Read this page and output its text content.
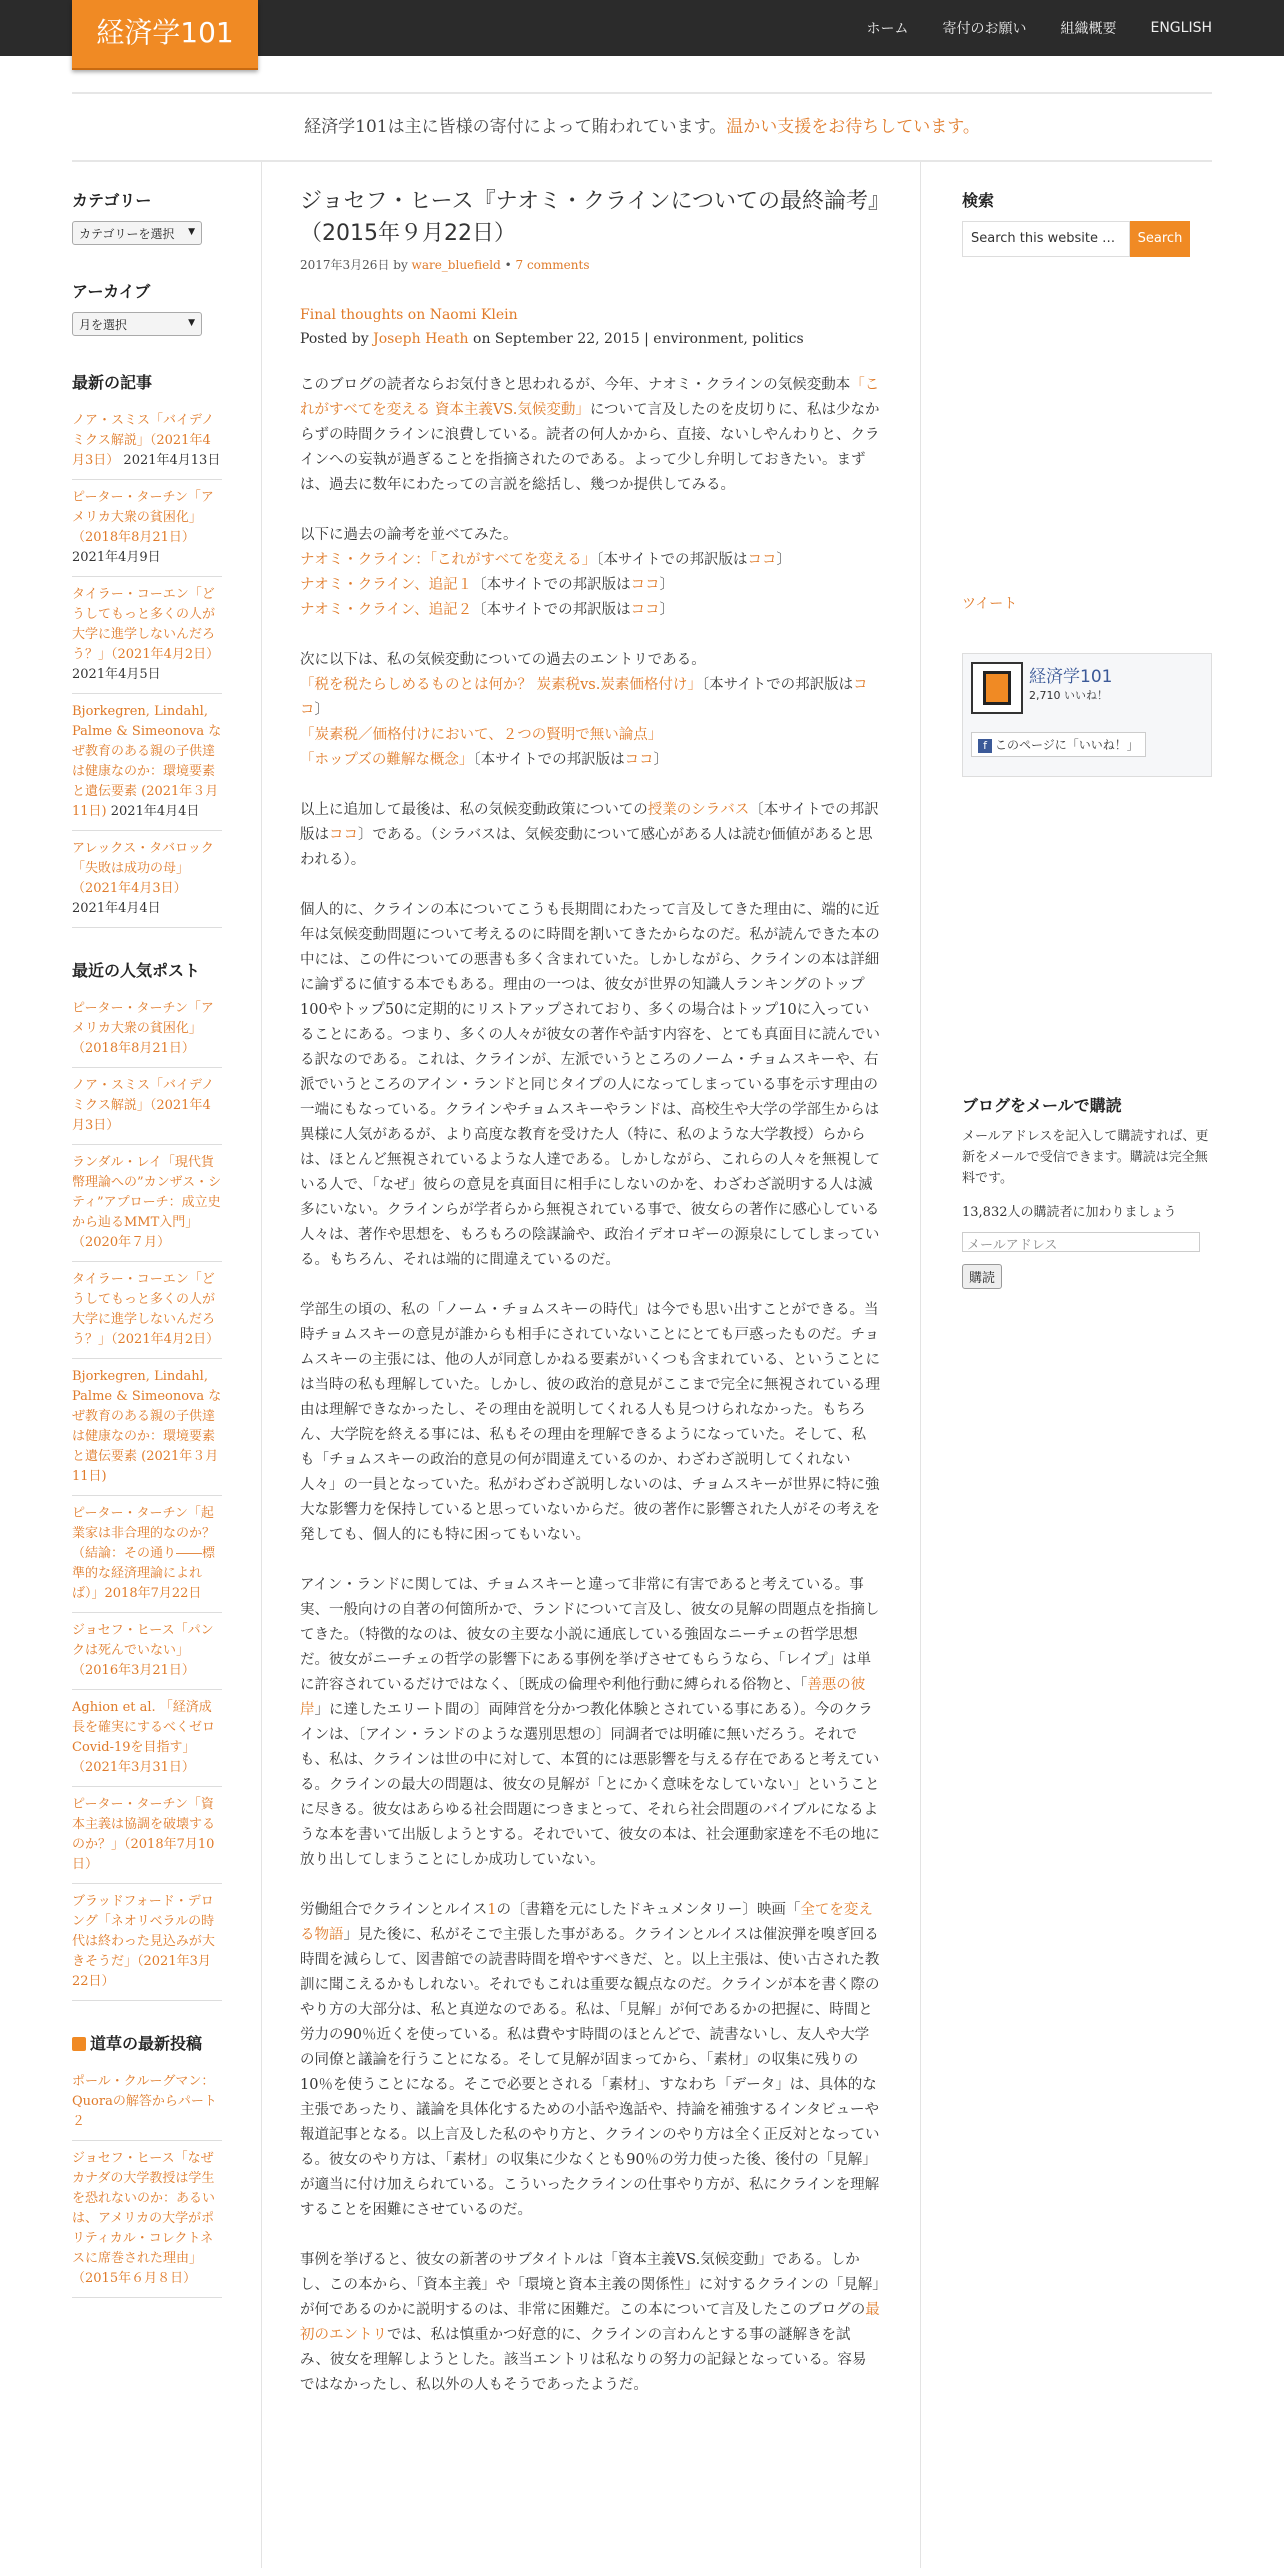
経済学101	ホーム 寄付のお願い 組織概要 ENGLISH
経済学101は主に皆様の寄付によって賄われています。温かい支援をお待ちしています。
カテゴリー
カテゴリーを選択 ▼
アーカイブ
月を選択	▼
最新の記事
ノア・スミス「バイデノミクス解説」（2021年4月3日） 2021年4月13日
ピーター・ターチン「アメリカ大衆の貧困化」（2018年8月21日） 2021年4月9日
タイラー・コーエン「どうしてもっと多くの人が大学に進学しないんだろう？」（2021年4月2日） 2021年4月5日
Bjorkegren, Lindahl, Palme & Simeonova なぜ教育のある親の子供達は健康なのか：環境要素と遺伝要素 (2021年３月11日) 2021年4月4日
アレックス・タバロック「失敗は成功の母」（2021年4月3日） 2021年4月4日
最近の人気ポスト
ピーター・ターチン「アメリカ大衆の貧困化」（2018年8月21日）
ノア・スミス「バイデノミクス解説」（2021年4月3日）
ランダル・レイ「現代貨幣理論への”カンザス・シティ”アプローチ：成立史から辿るMMT入門」（2020年７月）
タイラー・コーエン「どうしてもっと多くの人が大学に進学しないんだろう？」（2021年4月2日）
Bjorkegren, Lindahl, Palme & Simeonova なぜ教育のある親の子供達は健康なのか：環境要素と遺伝要素 (2021年３月11日)
ピーター・ターチン「起業家は非合理的なのか？（結論：その通り――標準的な経済理論によれば）」2018年7月22日
ジョセフ・ヒース「パンクは死んでいない」（2016年3月21日）
Aghion et al. 「経済成長を確実にするべくゼロCovid-19を目指す」（2021年3月31日）
ピーター・ターチン「資本主義は協調を破壊するのか？」（2018年7月10日）
ブラッドフォード・デロング「ネオリベラルの時代は終わった見込みが大きそうだ」（2021年3月22日）
道草の最新投稿
ポール・クルーグマン：Quoraの解答からパート２
ジョセフ・ヒース「なぜカナダの大学教授は学生を恐れないのか：あるいは、アメリカの大学がポリティカル・コレクトネスに席巻された理由」（2015年６月８日）
ジョセフ・ヒース『ナオミ・クラインについての最終論考』（2015年９月22日）
2017年3月26日 by ware_bluefield • 7 comments
Final thoughts on Naomi Klein
Posted by Joseph Heath on September 22, 2015 | environment, politics

このブログの読者ならお気付きと思われるが、今年、ナオミ・クラインの気候変動本「これがすべてを変える 資本主義VS.気候変動」について言及したのを皮切りに、私は少なからずの時間クラインに浪費している。読者の何人かから、直接、ないしやんわりと、クラインへの妄執が過ぎることを指摘されたのである。よって少し弁明しておきたい。まずは、過去に数年にわたっての言説を総括し、幾つか提供してみる。

以下に過去の論考を並べてみた。
ナオミ・クライン：「これがすべてを変える」〔本サイトでの邦訳版はココ〕
ナオミ・クライン、追記１〔本サイトでの邦訳版はココ〕
ナオミ・クライン、追記２〔本サイトでの邦訳版はココ〕

次に以下は、私の気候変動についての過去のエントリである。
「税を税たらしめるものとは何か？ 炭素税vs.炭素価格付け」〔本サイトでの邦訳版はココ〕
「炭素税／価格付けにおいて、２つの賢明で無い論点」
「ホップズの難解な概念」〔本サイトでの邦訳版はココ〕

以上に追加して最後は、私の気候変動政策についての授業のシラバス〔本サイトでの邦訳版はココ〕である。（シラバスは、気候変動について感心がある人は読む価値があると思われる）。

個人的に、クラインの本についてこうも長期間にわたって言及してきた理由に、端的に近年は気候変動問題について考えるのに時間を割いてきたからなのだ。私が読んできた本の中には、この件についての悪書も多く含まれていた。しかしながら、クラインの本は詳細に論ずるに値する本でもある。理由の一つは、彼女が世界の知識人ランキングのトップ100やトップ50に定期的にリストアップされており、多くの場合はトップ10に入っていることにある。つまり、多くの人々が彼女の著作や話す内容を、とても真面目に読んでいる訳なのである。これは、クラインが、左派でいうところのノーム・チョムスキーや、右派でいうところのアイン・ランドと同じタイプの人になってしまっている事を示す理由の一端にもなっている。クラインやチョムスキーやランドは、高校生や大学の学部生からは異様に人気があるが、より高度な教育を受けた人（特に、私のような大学教授）らからは、ほとんど無視されているような人達である。しかしながら、これらの人々を無視している人で、「なぜ」彼らの意見を真面目に相手にしないのかを、わざわざ説明する人は滅多にいない。クラインらが学者らから無視されている事で、彼女らの著作に感心している人々は、著作や思想を、もろもろの陰謀論や、政治イデオロギーの源泉にしてしまっている。もちろん、それは端的に間違えているのだ。

学部生の頃の、私の「ノーム・チョムスキーの時代」は今でも思い出すことができる。当時チョムスキーの意見が誰からも相手にされていないことにとても戸惑ったものだ。チョムスキーの主張には、他の人が同意しかねる要素がいくつも含まれている、ということには当時の私も理解していた。しかし、彼の政治的意見がここまで完全に無視されている理由は理解できなかったし、その理由を説明してくれる人も見つけられなかった。もちろん、大学院を終える事には、私もその理由を理解できるようになっていた。そして、私も「チョムスキーの政治的意見の何が間違えているのか、わざわざ説明してくれない人々」の一員となっていた。私がわざわざ説明しないのは、チョムスキーが世界に特に強大な影響力を保持していると思っていないからだ。彼の著作に影響された人がその考えを発しても、個人的にも特に困ってもいない。

アイン・ランドに関しては、チョムスキーと違って非常に有害であると考えている。事実、一般向けの自著の何箇所かで、ランドについて言及し、彼女の見解の問題点を指摘してきた。（特徴的なのは、彼女の主要な小説に通底している強固なニーチェの哲学思想だ。彼女がニーチェの哲学の影響下にある事例を挙げさせてもらうなら、「レイプ」は単に許容されているだけではなく、〔既成の倫理や利他行動に縛られる俗物と、「善悪の彼岸」に達したエリート間の〕両陣営を分かつ教化体験とされている事にある）。今のクラインは、〔アイン・ランドのような選別思想の〕同調者では明確に無いだろう。それでも、私は、クラインは世の中に対して、本質的には悪影響を与える存在であると考えている。クラインの最大の問題は、彼女の見解が「とにかく意味をなしていない」ということに尽きる。彼女はあらゆる社会問題につきまとって、それら社会問題のバイブルになるような本を書いて出版しようとする。それでいて、彼女の本は、社会運動家達を不毛の地に放り出してしまうことにしか成功していない。

労働組合でクラインとルイス1の〔書籍を元にしたドキュメンタリー〕映画「全てを変える物語」見た後に、私がそこで主張した事がある。クラインとルイスは催涙弾を嗅ぎ回る時間を減らして、図書館での読書時間を増やすべきだ、と。以上主張は、使い古された教訓に聞こえるかもしれない。それでもこれは重要な観点なのだ。クラインが本を書く際のやり方の大部分は、私と真逆なのである。私は、「見解」が何であるかの把握に、時間と労力の90％近くを使っている。私は費やす時間のほとんどで、読書ないし、友人や大学の同僚と議論を行うことになる。そして見解が固まってから、「素材」の収集に残りの10％を使うことになる。そこで必要とされる「素材」、すなわち「データ」は、具体的な主張であったり、議論を具体化するための小話や逸話や、持論を補強するインタビューや報道記事となる。以上言及した私のやり方と、クラインのやり方は全く正反対となっている。彼女のやり方は、「素材」の収集に少なくとも90％の労力使った後、後付の「見解」が適当に付け加えられている。こういったクラインの仕事やり方が、私にクラインを理解することを困難にさせているのだ。

事例を挙げると、彼女の新著のサブタイトルは「資本主義VS.気候変動」である。しかし、この本から、「資本主義」や「環境と資本主義の関係性」に対するクラインの「見解」が何であるのかに説明するのは、非常に困難だ。この本について言及したこのブログの最初のエントリでは、私は慎重かつ好意的に、クラインの言わんとする事の謎解きを試み、彼女を理解しようとした。該当エントリは私なりの努力の記録となっている。容易ではなかったし、私以外の人もそうであったようだ。

検索
Search this website …	Search
ツイート
経済学101
2,710 いいね！
f このページに「いいね！」
ブログをメールで購読
メールアドレスを記入して購読すれば、更新をメールで受信できます。購読は完全無料です。
13,832人の購読者に加わりましょう
メールアドレス
購読
